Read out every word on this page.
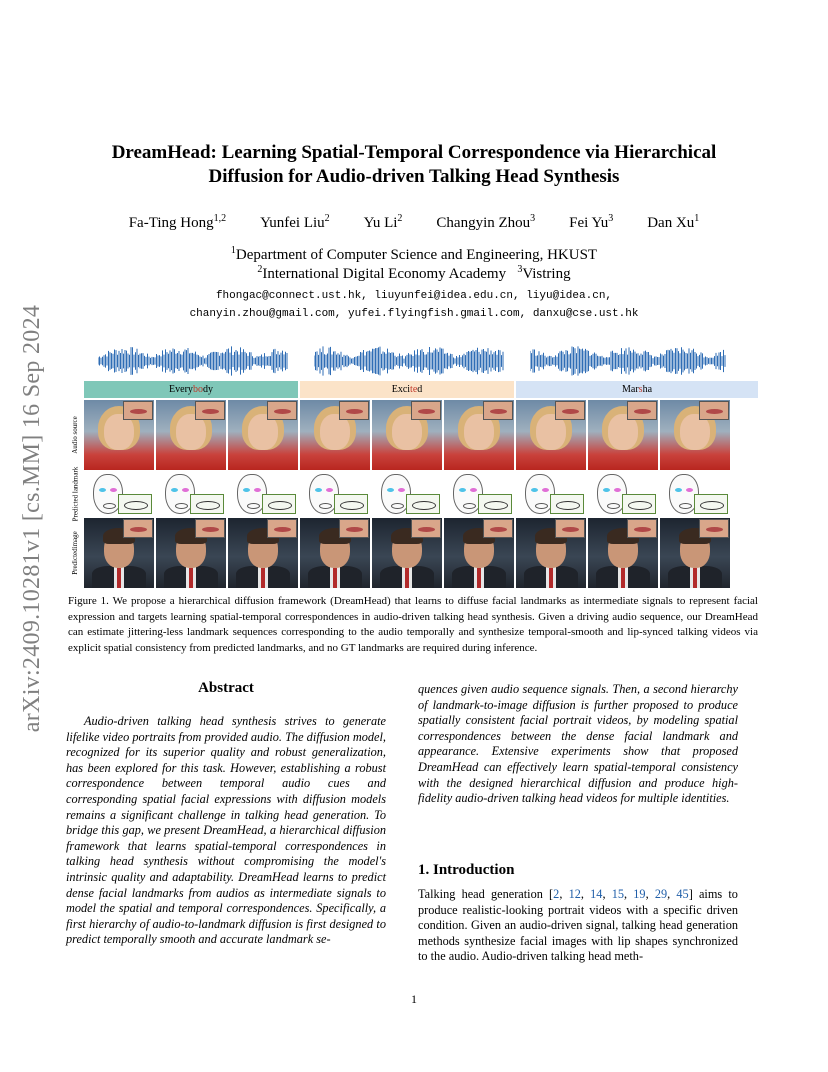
arXiv:2409.10281v1 [cs.MM] 16 Sep 2024
DreamHead: Learning Spatial-Temporal Correspondence via Hierarchical
Diffusion for Audio-driven Talking Head Synthesis
Fa-Ting Hong$^{1,2}$ Yunfei Liu$^2$ Yu Li$^2$ Changyin Zhou$^3$ Fei Yu$^3$ Dan Xu$^1$
$^1$Department of Computer Science and Engineering, HKUST
$^2$International Digital Economy Academy $^3$Vistring
fhongac@connect.ust.hk, liuyunfei@idea.edu.cn, liyu@idea.cn,
chanyin.zhou@gmail.com, yufei.flyingfish.gmail.com, danxu@cse.ust.hk
Every bo dy	Exci te d	Mar s ha
Audio source
Predicted landmark
Predictedimage
Figure 1. We propose a hierarchical diffusion framework (DreamHead) that learns to diffuse facial landmarks as intermediate signals to represent facial expression and targets learning spatial-temporal correspondences in audio-driven talking head synthesis. Given a driving audio sequence, our DreamHead can estimate jittering-less landmark sequences corresponding to the audio temporally and synthesize temporal-smooth and lip-synced talking videos via explicit spatial consistency from predicted landmarks, and no GT landmarks are required during inference.
Abstract
Audio-driven talking head synthesis strives to generate lifelike video portraits from provided audio. The diffusion model, recognized for its superior quality and robust generalization, has been explored for this task. However, establishing a robust correspondence between temporal audio cues and corresponding spatial facial expressions with diffusion models remains a significant challenge in talking head generation. To bridge this gap, we present DreamHead, a hierarchical diffusion framework that learns spatial-temporal correspondences in talking head synthesis without compromising the model's intrinsic quality and adaptability. DreamHead learns to predict dense facial landmarks from audios as intermediate signals to model the spatial and temporal correspondences. Specifically, a first hierarchy of audio-to-landmark diffusion is first designed to predict temporally smooth and accurate landmark se-
quences given audio sequence signals. Then, a second hierarchy of landmark-to-image diffusion is further proposed to produce spatially consistent facial portrait videos, by modeling spatial correspondences between the dense facial landmark and appearance. Extensive experiments show that proposed DreamHead can effectively learn spatial-temporal consistency with the designed hierarchical diffusion and produce high-fidelity audio-driven talking head videos for multiple identities.
1. Introduction
Talking head generation [2, 12, 14, 15, 19, 29, 45] aims to produce realistic-looking portrait videos with a specific driven condition. Given an audio-driven signal, talking head generation methods synthesize facial images with lip shapes synchronized to the audio. Audio-driven talking head meth-
1
